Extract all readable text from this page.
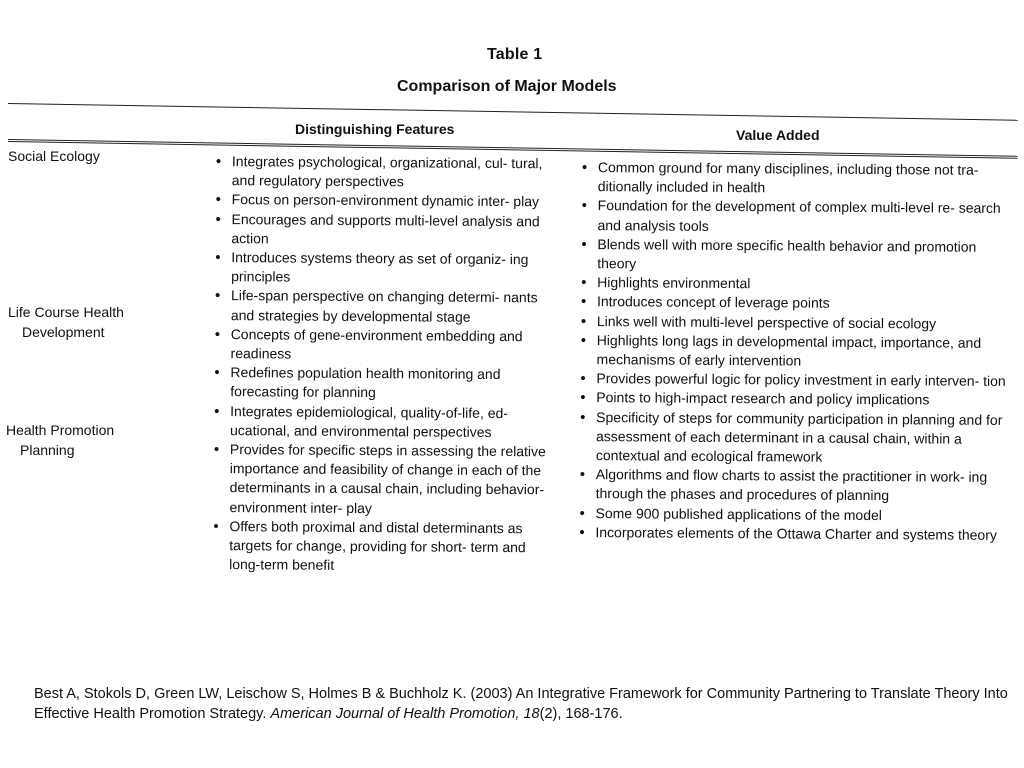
Table 1
Comparison of Major Models
Distinguishing Features	Value Added
Social Ecology
Life Course Health
Development
Health Promotion
Planning
• Integrates psychological, organizational, cul- tural, and regulatory perspectives
• Focus on person-environment dynamic inter- play
• Encourages and supports multi-level analysis and action
• Introduces systems theory as set of organiz- ing principles
• Life-span perspective on changing determi- nants and strategies by developmental stage
• Concepts of gene-environment embedding and readiness
• Redefines population health monitoring and forecasting for planning
• Integrates epidemiological, quality-of-life, ed- ucational, and environmental perspectives
• Provides for specific steps in assessing the relative importance and feasibility of change in each of the determinants in a causal chain, including behavior-environment inter- play
• Offers both proximal and distal determinants as targets for change, providing for short- term and long-term benefit
• Common ground for many disciplines, including those not tra- ditionally included in health
• Foundation for the development of complex multi-level re- search and analysis tools
• Blends well with more specific health behavior and promotion theory
• Highlights environmental
• Introduces concept of leverage points
• Links well with multi-level perspective of social ecology
• Highlights long lags in developmental impact, importance, and mechanisms of early intervention
• Provides powerful logic for policy investment in early interven- tion
• Points to high-impact research and policy implications
• Specificity of steps for community participation in planning and for assessment of each determinant in a causal chain, within a contextual and ecological framework
• Algorithms and flow charts to assist the practitioner in work- ing through the phases and procedures of planning
• Some 900 published applications of the model
• Incorporates elements of the Ottawa Charter and systems theory
Best A, Stokols D, Green LW, Leischow S, Holmes B & Buchholz K. (2003) An Integrative Framework for Community Partnering to Translate Theory Into Effective Health Promotion Strategy. American Journal of Health Promotion, 18(2), 168-176.
